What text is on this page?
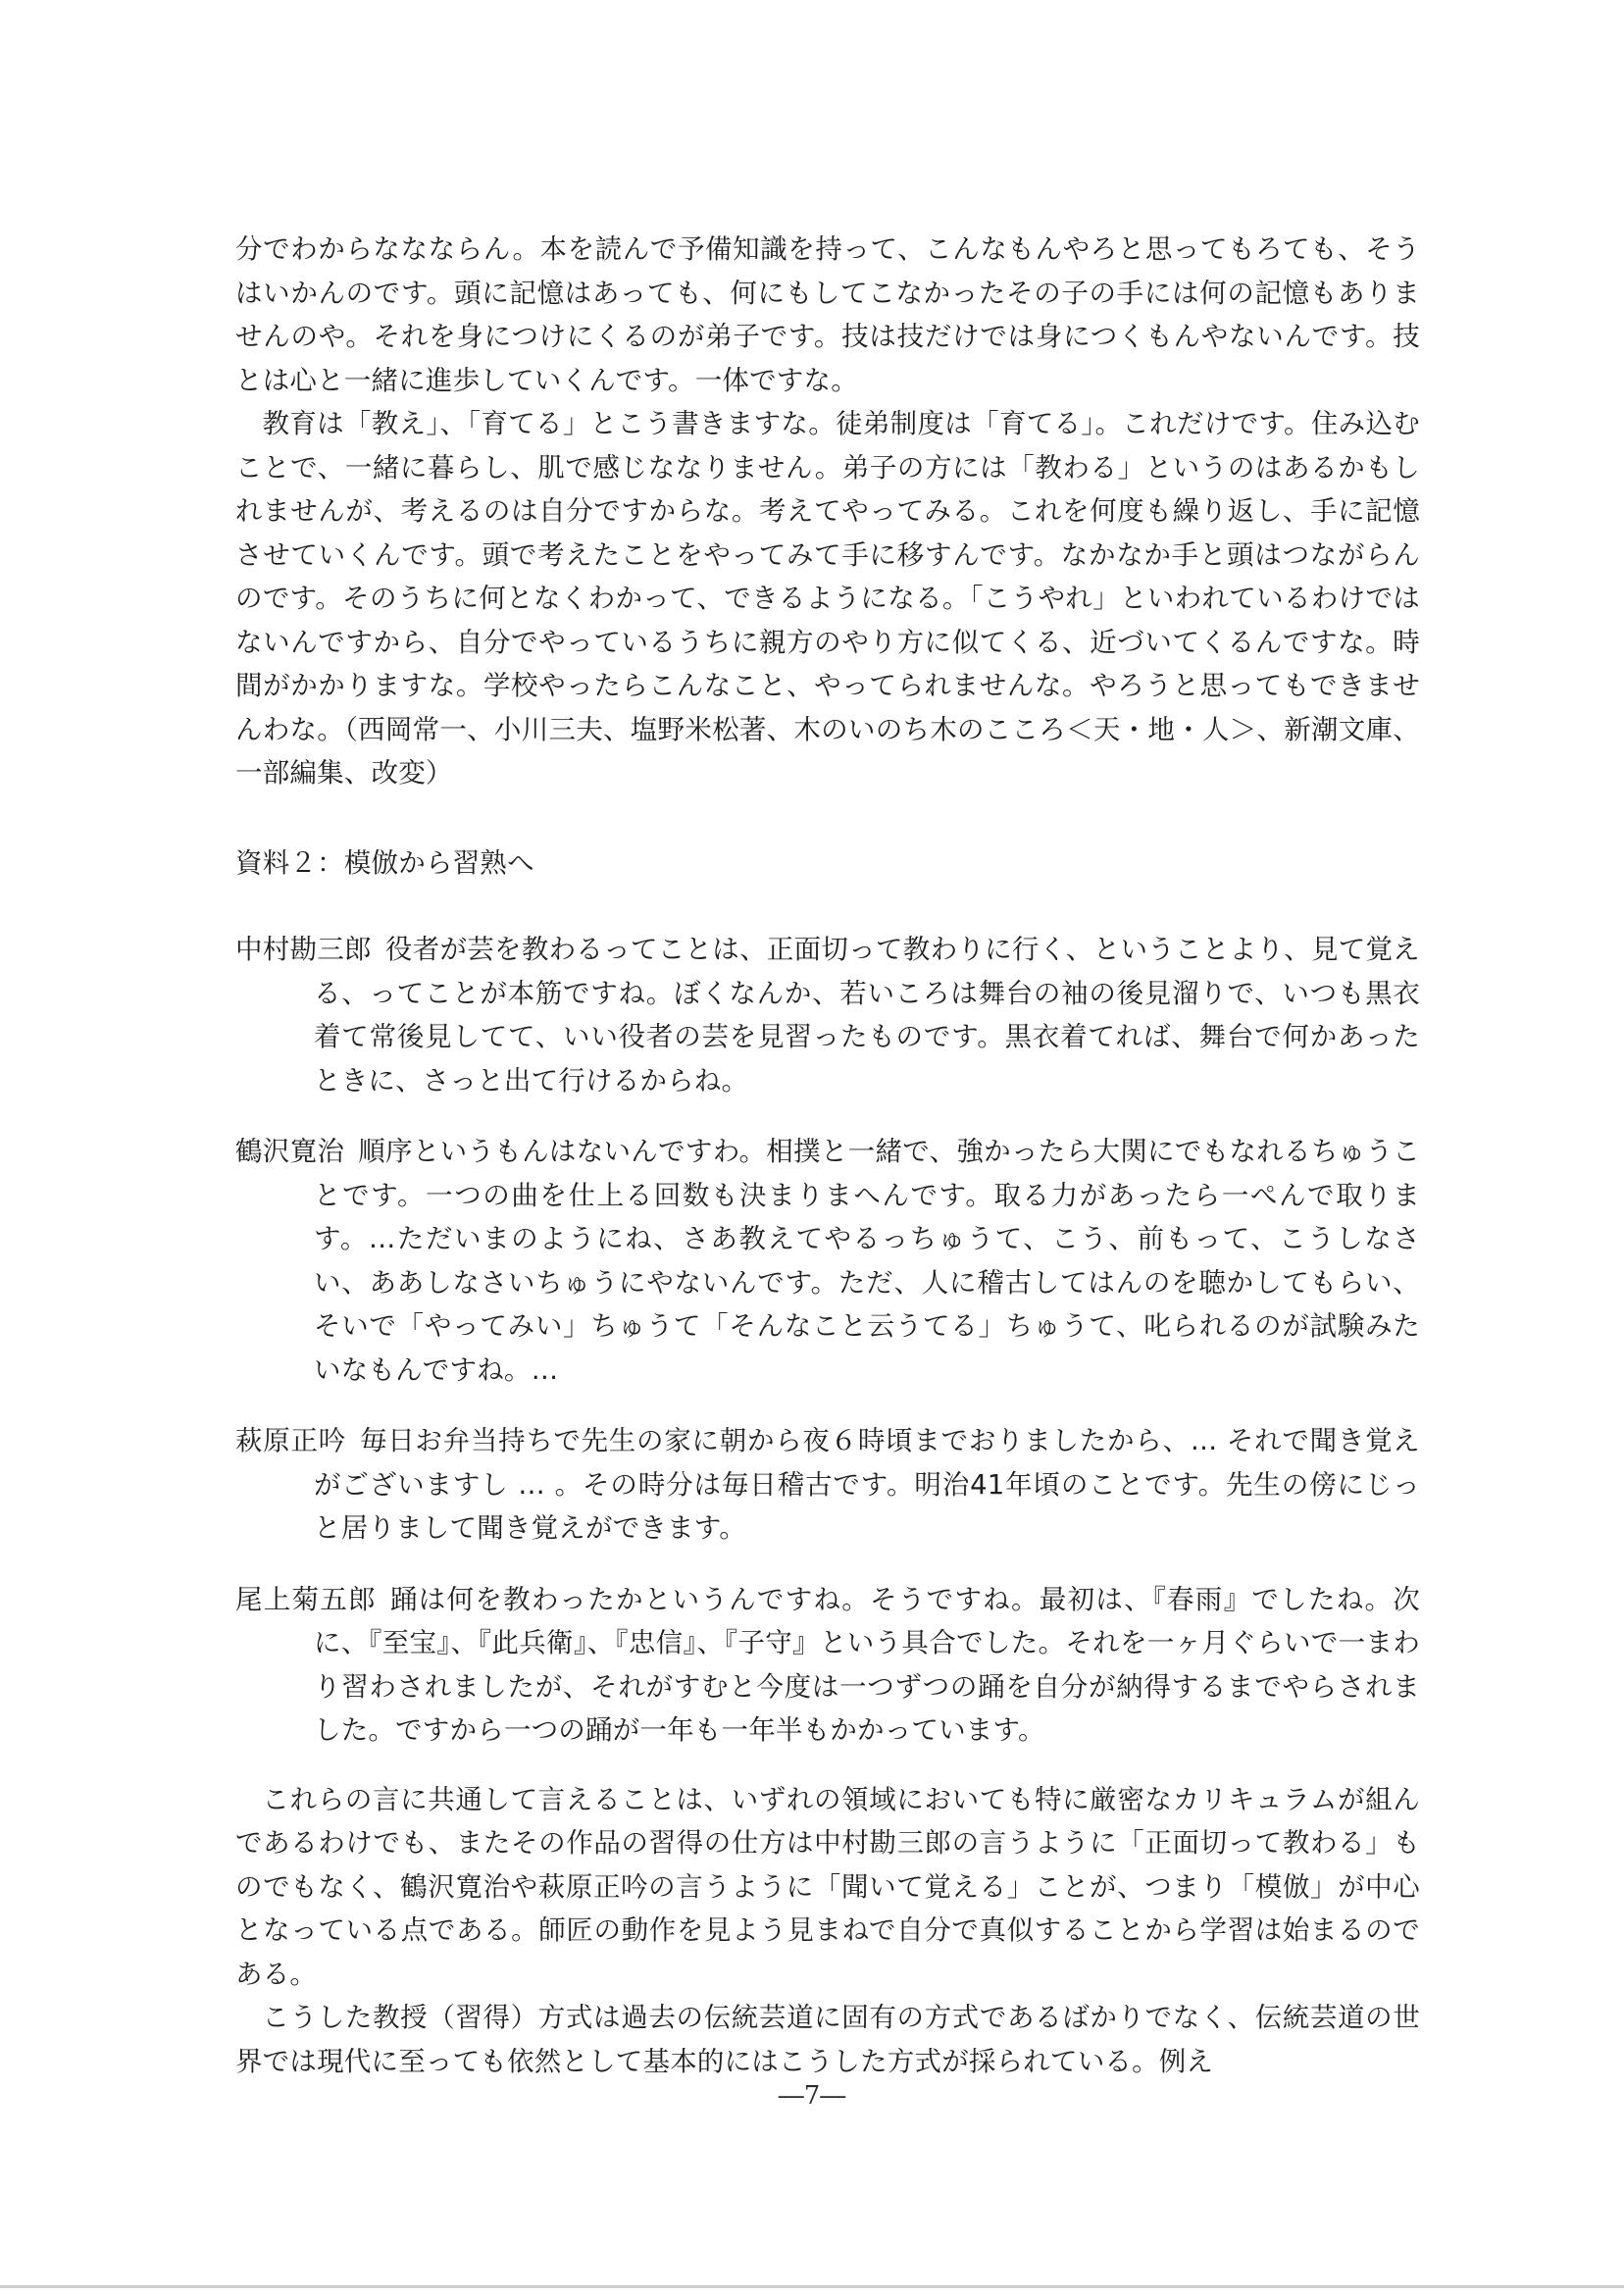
分でわからななならん。本を読んで予備知識を持って、こんなもんやろと思ってもろても、そうはいかんのです。頭に記憶はあっても、何にもしてこなかったその子の手には何の記憶もありませんのや。それを身につけにくるのが弟子です。技は技だけでは身につくもんやないんです。技とは心と一緒に進歩していくんです。一体ですな。

教育は「教え」、「育てる」とこう書きますな。徒弟制度は「育てる」。これだけです。住み込むことで、一緒に暮らし、肌で感じななりません。弟子の方には「教わる」というのはあるかもしれませんが、考えるのは自分ですからな。考えてやってみる。これを何度も繰り返し、手に記憶させていくんです。頭で考えたことをやってみて手に移すんです。なかなか手と頭はつながらんのです。そのうちに何となくわかって、できるようになる。「こうやれ」といわれているわけではないんですから、自分でやっているうちに親方のやり方に似てくる、近づいてくるんですな。時間がかかりますな。学校やったらこんなこと、やってられませんな。やろうと思ってもできませんわな。（西岡常一、小川三夫、塩野米松著、木のいのち木のこころ＜天・地・人＞、新潮文庫、一部編集、改変）

資料２：模倣から習熟へ

中村勘三郎 役者が芸を教わるってことは、正面切って教わりに行く、ということより、見て覚える、ってことが本筋ですね。ぼくなんか、若いころは舞台の袖の後見溜りで、いつも黒衣着て常後見してて、いい役者の芸を見習ったものです。黒衣着てれば、舞台で何かあったときに、さっと出て行けるからね。

鶴沢寛治 順序というもんはないんですわ。相撲と一緒で、強かったら大関にでもなれるちゅうことです。一つの曲を仕上る回数も決まりまへんです。取る力があったら一ぺんで取ります。…ただいまのようにね、さあ教えてやるっちゅうて、こう、前もって、こうしなさい、ああしなさいちゅうにやないんです。ただ、人に稽古してはんのを聴かしてもらい、そいで「やってみい」ちゅうて「そんなこと云うてる」ちゅうて、叱られるのが試験みたいなもんですね。…

萩原正吟 毎日お弁当持ちで先生の家に朝から夜６時頃までおりましたから、… それで聞き覚えがございますし … 。その時分は毎日稽古です。明治41年頃のことです。先生の傍にじっと居りまして聞き覚えができます。

尾上菊五郎 踊は何を教わったかというんですね。そうですね。最初は、『春雨』でしたね。次に、『至宝』、『此兵衛』、『忠信』、『子守』という具合でした。それを一ヶ月ぐらいで一まわり習わされましたが、それがすむと今度は一つずつの踊を自分が納得するまでやらされました。ですから一つの踊が一年も一年半もかかっています。

これらの言に共通して言えることは、いずれの領域においても特に厳密なカリキュラムが組んであるわけでも、またその作品の習得の仕方は中村勘三郎の言うように「正面切って教わる」ものでもなく、鶴沢寛治や萩原正吟の言うように「聞いて覚える」ことが、つまり「模倣」が中心となっている点である。師匠の動作を見よう見まねで自分で真似することから学習は始まるのである。

こうした教授（習得）方式は過去の伝統芸道に固有の方式であるばかりでなく、伝統芸道の世界では現代に至っても依然として基本的にはこうした方式が採られている。例え

―7―
